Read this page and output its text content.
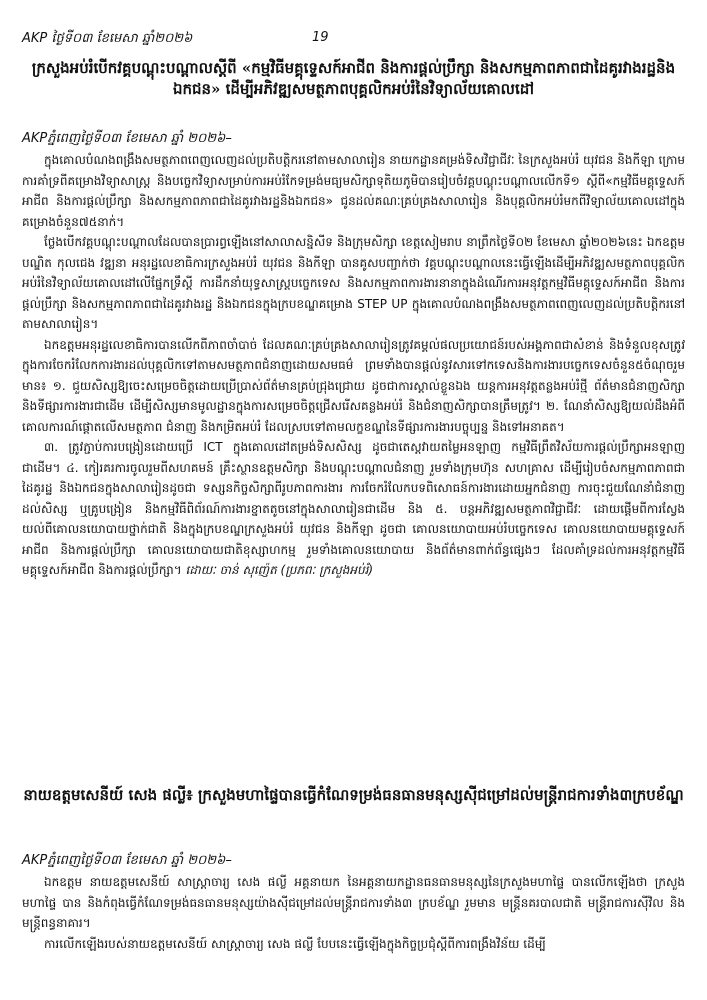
AKP ថ្ងៃទី០៣ ខែមេសា ឆ្នាំ២០២៦	19
ក្រសួងអប់រំបើកវគ្គបណ្ដុះបណ្ដាលស្ដីពី «កម្មវិធីមគ្គុទ្ទេសក៍អាជីព និងការផ្ដល់ប្រឹក្សា និងសកម្មភាពភាពជាដៃគូរវាងរដ្ឋនិងឯកជន» ដើម្បីអភិវឌ្ឍសមត្ថភាពបុគ្គលិកអប់រំនៃវិទ្យាល័យគោលដៅ
AKPភ្នំពេញថ្ងៃទី០៣ ខែមេសា ឆ្នាំ ២០២៦–

ក្នុងគោលបំណងពង្រឹងសមត្ថភាពពេញលេញដល់ប្រតិបត្តិករនៅតាមសាលារៀន នាយកដ្ឋានគម្រង់ទិសវិជ្ជាជីវៈ នៃក្រសួងអប់រំ យុវជន និងកីឡា ក្រោមការគាំទ្រពីគម្រោងវិទ្យាសាស្ត្រ និងបច្ចេកវិទ្យាសម្រាប់ការអប់រំកែទម្រង់មធ្យមសិក្សាទុតិយភូមិបានរៀបចំវគ្គបណ្ដុះបណ្ដាលលើកទី១ ស្ដីពី«កម្មវិធីមគ្គុទ្ទេសក៍អាជីព និងការផ្ដល់ប្រឹក្សា និងសកម្មភាពភាពជាដៃគូរវាងរដ្ឋនិងឯកជន» ជូនដល់គណៈគ្រប់គ្រងសាលារៀន និងបុគ្គលិកអប់រំមកពីវិទ្យាល័យគោលដៅក្នុងគម្រោងចំនួន៧៥នាក់។

ថ្លែងបើកវគ្គបណ្ដុះបណ្ដាលដែលបានប្រារព្ធឡើងនៅសាលាសន្និសីទ និងក្រុមសិក្សា ខេត្តសៀមរាប នាព្រឹកថ្ងៃទី០២ ខែមេសា ឆ្នាំ២០២៦នេះ ឯកឧត្តមបណ្ឌិត កុលជេង វឌ្ឍនា អនុរដ្ឋលេខាធិការក្រសួងអប់រំ យុវជន និងកីឡា បានគូសបញ្ជាក់ថា វគ្គបណ្ដុះបណ្ដាលនេះធ្វើឡើងដើម្បីអភិវឌ្ឍសមត្ថភាពបុគ្គលិកអប់រំនៃវិទ្យាល័យគោលដៅលើផ្នែកទ្រឹស្ដី ការដឹកនាំយុទ្ធសាស្ត្របច្ចេកទេស និងសកម្មភាពការងារនានាក្នុងដំណើរការអនុវត្តកម្មវិធីមគ្គុទ្ទេសក៍អាជីព និងការផ្ដល់ប្រឹក្សា និងសកម្មភាពភាពជាដៃគូរវាងរដ្ឋ និងឯកជនក្នុងក្របខណ្ឌគម្រោង STEP UP ក្នុងគោលបំណងពង្រឹងសមត្ថភាពពេញលេញដល់ប្រតិបត្តិករនៅតាមសាលារៀន។

ឯកឧត្តមអនុរដ្ឋលេខាធិការបានលើកពីភាពចាំបាច់ ដែលគណៈគ្រប់គ្រងសាលារៀនត្រូវគម្គល់ផលប្រយោជន៍របស់អង្គភាពជាសំខាន់ និងទំនួលខុសត្រូវក្នុងការចែករំលែកការងារដល់បុគ្គលិកទៅតាមសមត្ថភាពជំនាញដោយសមធម៌ ព្រមទាំងបានផ្ដល់នូវសារទៅកទេសនិងការងារបច្ចេកទេសចំនួន៥ចំណុចរួមមាន៖ ១. ជួយសិស្សឱ្យចេះសម្រេចចិត្តដោយប្រើប្រាស់ព័ត៌មានគ្រប់ជ្រុងជ្រោយ ដូចជាការស្គាល់ខ្លួនឯង យន្តការអនុវត្តតន្លងអប់រំថ្មី ព័ត៌មានជំនាញសិក្សា និងទីផ្សារការងារជាដើម ដើម្បីសិស្សមានមូលដ្ឋានក្នុងការសម្រេចចិត្តជ្រើសរើសគន្លងអប់រំ និងជំនាញសិក្សាបានត្រឹមត្រូវ។ ២. ណែនាំសិស្សឱ្យយល់ដឹងអំពីគោលការណ៍ផ្ដោតលើសមត្ថភាព ជំនាញ និងកម្រិតអប់រំ ដែលស្របទៅតាមលក្ខខណ្ឌនៃទីផ្សារការងារបច្ចុប្បន្ន និងទៅអនាគត។

៣. ត្រូវភ្ជាប់ការបង្រៀនដោយប្រើ ICT ក្នុងគោលដៅតម្រង់ទិសសិស្ស ដូចជាតេស្តវាយតម្លៃអនឡាញ កម្មវិធីព្រឹតវិស័យការផ្ដល់ប្រឹក្សាអនឡាញជាដើម។ ៤. កៀរគរការចូលរួមពីសហគមន៍ គ្រឹះស្ថានឧត្តមសិក្សា និងបណ្ដុះបណ្ដាលជំនាញ រួមទាំងក្រុមហ៊ុន សហគ្រាស ដើម្បីរៀបចំសកម្មភាពភាពជាដៃគូរដ្ឋ និងឯកជនក្នុងសាលារៀនដូចជា ទស្សនកិច្ចសិក្សាពីរូបភាពការងារ ការចែករំលែកបទពិសោធន៍ការងារដោយអ្នកជំនាញ ការចុះជួយណែនាំជំនាញដល់សិស្ស ឬគ្រូបង្រៀន និងកម្មវិធីពិព័រណ៍ការងារខ្នាតតូចនៅក្នុងសាលារៀនជាដើម និង ៥. បន្តអភិវឌ្ឍសមត្ថភាពវិជ្ជាជីវៈ ដោយផ្ដើមពីការស្វែងយល់ពីគោលនយោបាយថ្នាក់ជាតិ និងក្នុងក្របខណ្ឌក្រសួងអប់រំ យុវជន និងកីឡា ដូចជា គោលនយោបាយអប់រំបច្ចេកទេស គោលនយោបាយមគ្គុទ្ទេសក៍អាជីព និងការផ្ដល់ប្រឹក្សា គោលនយោបាយជាតិខុស្សាហកម្ម រួមទាំងគោលនយោបាយ និងព័ត៌មានពាក់ព័ន្ធផ្សេងៗ ដែលគាំទ្រដល់ការអនុវត្តកម្មវិធីមគ្គុទ្ទេសក៍អាជីព និងការផ្ដល់ប្រឹក្សា។ ដោយៈ ចាន់ សុញ៉េត (ប្រភពៈ ក្រសួងអប់រំ)

នាយឧត្តមសេនីយ៍ សេង ផល្លី៖ ក្រសួងមហាផ្ទៃបានធ្វើកំណែទម្រង់ធនធានមនុស្សស៊ីជម្រៅដល់មន្ត្រីរាជការទាំង៣ក្របខ័ណ្ឌ
AKPភ្នំពេញថ្ងៃទី០៣ ខែមេសា ឆ្នាំ ២០២៦–

ឯកឧត្តម នាយឧត្តមសេនីយ៍ សាស្ត្រាចារ្យ សេង ផល្លី អគ្គនាយក នៃអគ្គនាយកដ្ឋានធនធានមនុស្សនៃក្រសួងមហាផ្ទៃ បានលើកឡើងថា ក្រសួងមហាផ្ទៃ បាន និងកំពុងធ្វើកំណែទម្រង់ធនធានមនុស្សយ៉ាងស៊ីជម្រៅដល់មន្ត្រីរាជការទាំង៣ ក្របខ័ណ្ឌ រួមមាន មន្ត្រីនគរបាលជាតិ មន្ត្រីរាជការស៊ីវិល និងមន្ត្រីពន្ធនាគារ។

ការលើកឡើងរបស់នាយឧត្តមសេនីយ៍ សាស្ត្រាចារ្យ សេង ផល្លី បែបនេះធ្វើឡើងក្នុងកិច្ចប្រជុំស្ដីពីការពង្រឹងវិន័យ ដើម្បី
